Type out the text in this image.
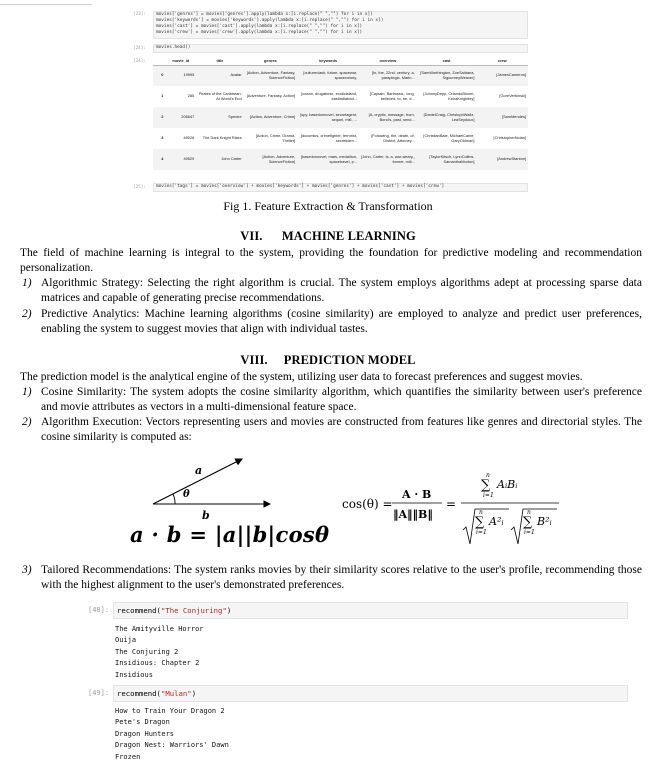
[23]:	movies['genres'] = movies['genres'].apply(lambda x:[i.replace(" ","") for i in x])
movies['keywords'] = movies['keywords'].apply(lambda x:[i.replace(" ","") for i in x])
movies['cast'] = movies['cast'].apply(lambda x:[i.replace(" ","") for i in x])
movies['crew'] = movies['crew'].apply(lambda x:[i.replace(" ","") for i in x])
[24]:	movies.head()
[24]:
		movie_id	title	genres	keywords	overview	cast	crew
0	19995	Avatar	[Action, Adventure, Fantasy, ScienceFiction]	[cultureclash, future, spacewar, spacecolony,	[In, the, 22nd, century, a, paraplegic, Marin...	[SamWorthington, ZoeSaldana, SigourneyWeaver]	[JamesCameron]
1	285	Pirates of the Caribbean: At World's End	[Adventure, Fantasy, Action]	[ocean, drugabuse, exoticisland, eastindiatrad...	[Captain, Barbossa,, long, believed, to, be, d...	[JohnnyDepp, OrlandoBloom, KeiraKnightley]	[GoreVerbinski]
2	206647	Spectre	[Action, Adventure, Crime]	[spy, basedonnovel, secretagent, sequel, mi6, ...	[A, cryptic, message, from, Bond's, past, send...	[DanielCraig, ChristophWaltz, LeaSeydoux]	[SamMendes]
3	49026	The Dark Knight Rises	[Action, Crime, Drama, Thriller]	[dccomics, crimefighter, terrorist, secretiden...	[Following, the, death, of, District, Attorney...	[ChristianBale, MichaelCaine, GaryOldman]	[ChristopherNolan]
4	49529	John Carter	[Action, Adventure, ScienceFiction]	[basedonnovel, mars, medallion, spacetravel, p...	[John, Carter, is, a, war-weary,, former, mili...	[TaylorKitsch, LynnCollins, SamanthaMorton]	[AndrewStanton]
[25]:	movies['tags'] = movies['overview'] + movies['keywords'] + movies['genres'] + movies['cast'] + movies['crew']
Fig 1. Feature Extraction & Transformation
VII.      MACHINE LEARNING
The field of machine learning is integral to the system, providing the foundation for predictive modeling and recommendation personalization.
1) Algorithmic Strategy: Selecting the right algorithm is crucial. The system employs algorithms adept at processing sparse data matrices and capable of generating precise recommendations.
2) Predictive Analytics: Machine learning algorithms (cosine similarity) are employed to analyze and predict user preferences, enabling the system to suggest movies that align with individual tastes.
VIII.     PREDICTION MODEL
The prediction model is the analytical engine of the system, utilizing user data to forecast preferences and suggest movies.
1) Cosine Similarity: The system adopts the cosine similarity algorithm, which quantifies the similarity between user's preference and movie attributes as vectors in a multi-dimensional feature space.
2) Algorithm Execution: Vectors representing users and movies are constructed from features like genres and directorial styles. The cosine similarity is computed as:
a
θ
b
a · b = |a||b|cosθ
cos(θ) =
A · B
‖A‖‖B‖
=
n
∑
i=1
AᵢBᵢ
n
∑
i=1
A²ᵢ
n
∑
i=1
B²ᵢ
3) Tailored Recommendations: The system ranks movies by their similarity scores relative to the user's profile, recommending those with the highest alignment to the user's demonstrated preferences.
[48]:	recommend("The Conjuring")
The Amityville Horror
Ouija
The Conjuring 2
Insidious: Chapter 2
Insidious
[49]:	recommend("Mulan")
How to Train Your Dragon 2
Pete's Dragon
Dragon Hunters
Dragon Nest: Warriors' Dawn
Frozen
